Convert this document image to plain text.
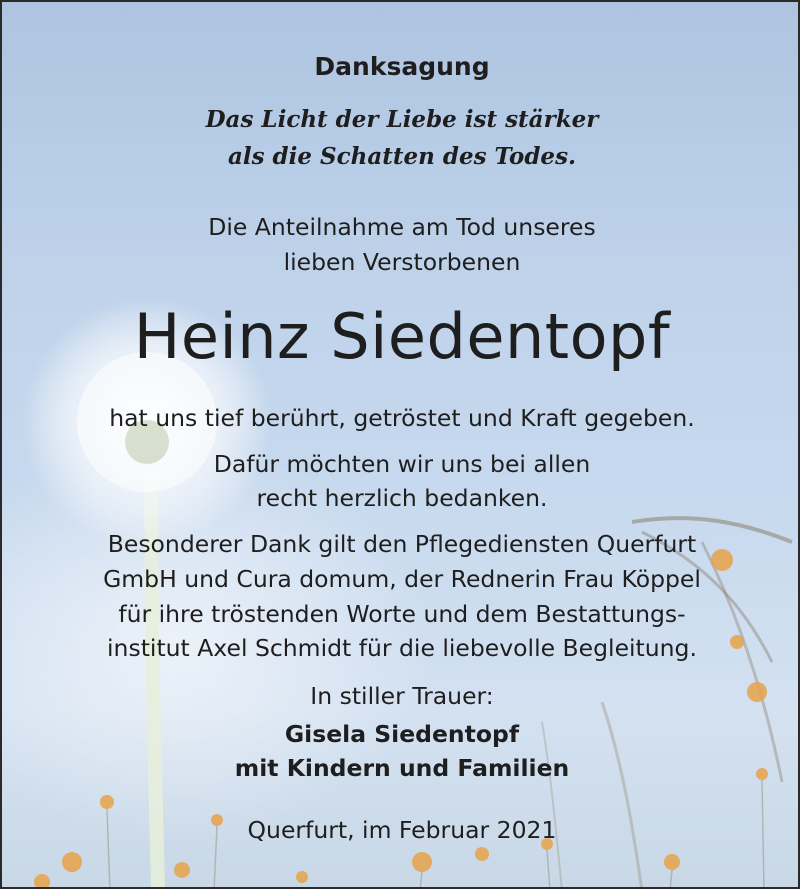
Danksagung
Das Licht der Liebe ist stärker
als die Schatten des Todes.
Die Anteilnahme am Tod unseres
lieben Verstorbenen
Heinz Siedentopf
hat uns tief berührt, getröstet und Kraft gegeben.
Dafür möchten wir uns bei allen
recht herzlich bedanken.
Besonderer Dank gilt den Pflegediensten Querfurt
GmbH und Cura domum, der Rednerin Frau Köppel
für ihre tröstenden Worte und dem Bestattungs-
institut Axel Schmidt für die liebevolle Begleitung.
In stiller Trauer:
Gisela Siedentopf
mit Kindern und Familien
Querfurt, im Februar 2021
